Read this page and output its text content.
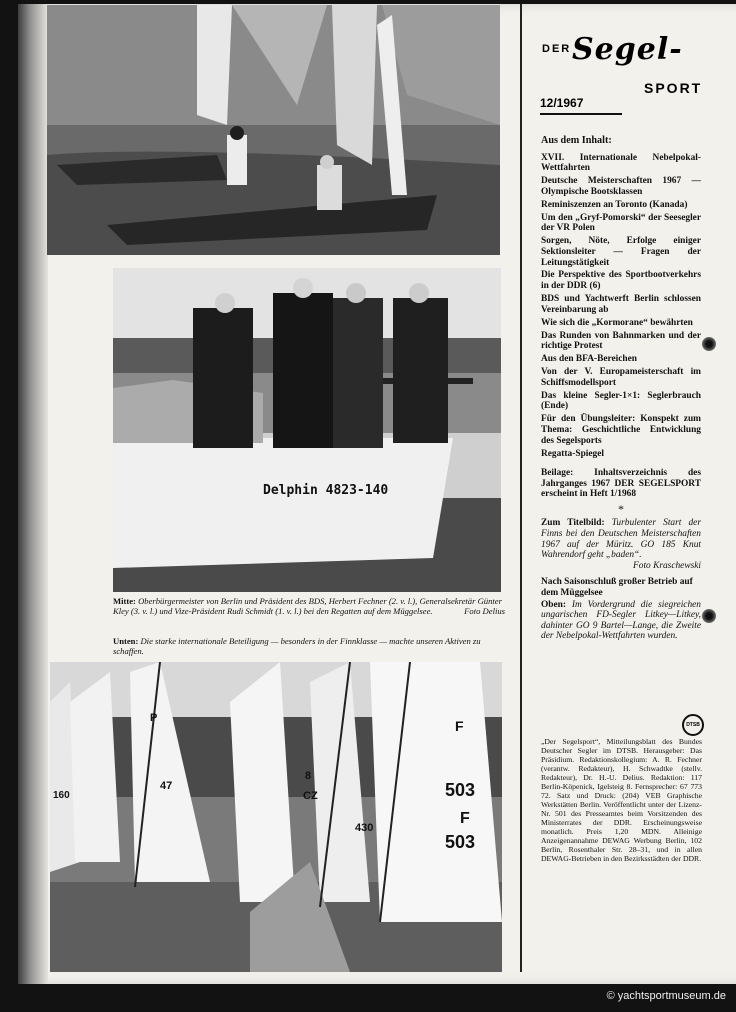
Delphin 4823-140
503
F
503
F
430
CZ
8
P
47
160
Mitte: Oberbürgermeister von Berlin und Präsident des BDS, Herbert Fechner (2. v. l.), Generalsekretär Günter Kley (3. v. l.) und Vize-Präsident Rudi Schmidt (1. v. l.) bei den Regatten auf dem Müggelsee.	Foto Delius
Unten: Die starke internationale Beteiligung — besonders in der Finnklasse — machte unseren Aktiven zu schaffen.
DER Segel-
SPORT
12/1967
Aus dem Inhalt:
XVII. Internationale Nebelpokal-Wettfahrten
Deutsche Meisterschaften 1967 — Olympische Bootsklassen
Reminiszenzen an Toronto (Kanada)
Um den „Gryf-Pomorski“ der Seesegler der VR Polen
Sorgen, Nöte, Erfolge einiger Sektionsleiter — Fragen der Leitungstätigkeit
Die Perspektive des Sportbootverkehrs in der DDR (6)
BDS und Yachtwerft Berlin schlossen Vereinbarung ab
Wie sich die „Kormorane“ bewährten
Das Runden von Bahnmarken und der richtige Protest
Aus den BFA-Bereichen
Von der V. Europameisterschaft im Schiffsmodellsport
Das kleine Segler-1×1: Seglerbrauch (Ende)
Für den Übungsleiter: Konspekt zum Thema: Geschichtliche Entwicklung des Segelsports
Regatta-Spiegel
Beilage: Inhaltsverzeichnis des Jahrganges 1967 DER SEGELSPORT erscheint in Heft 1/1968
*
Zum Titelbild: Turbulenter Start der Finns bei den Deutschen Meisterschaften 1967 auf der Müritz. GO 185 Knut Wahrendorf geht „baden“.
Foto Kraschewski
Nach Saisonschluß großer Betrieb auf dem Müggelsee
Oben: Im Vordergrund die siegreichen ungarischen FD-Segler Litkey—Litkey, dahinter GO 9 Bartel—Lange, die Zweite der Nebelpokal-Wettfahrten wurden.
DTSB
„Der Segelsport“, Mitteilungsblatt des Bundes Deutscher Segler im DTSB. Herausgeber: Das Präsidium. Redaktionskollegium: A. R. Fechner (verantw. Redakteur), H. Schwadtke (stellv. Redakteur), Dr. H.-U. Delius. Redaktion: 117 Berlin-Köpenick, Igelsteig 8. Fernsprecher: 67 773 72. Satz und Druck: (204) VEB Graphische Werkstätten Berlin. Veröffentlicht unter der Lizenz-Nr. 501 des Presseamtes beim Vorsitzenden des Ministerrates der DDR. Erscheinungsweise monatlich. Preis 1,20 MDN. Alleinige Anzeigenannahme DEWAG Werbung Berlin, 102 Berlin, Rosenthaler Str. 28–31, und in allen DEWAG-Betrieben in den Bezirksstädten der DDR.
© yachtsportmuseum.de
